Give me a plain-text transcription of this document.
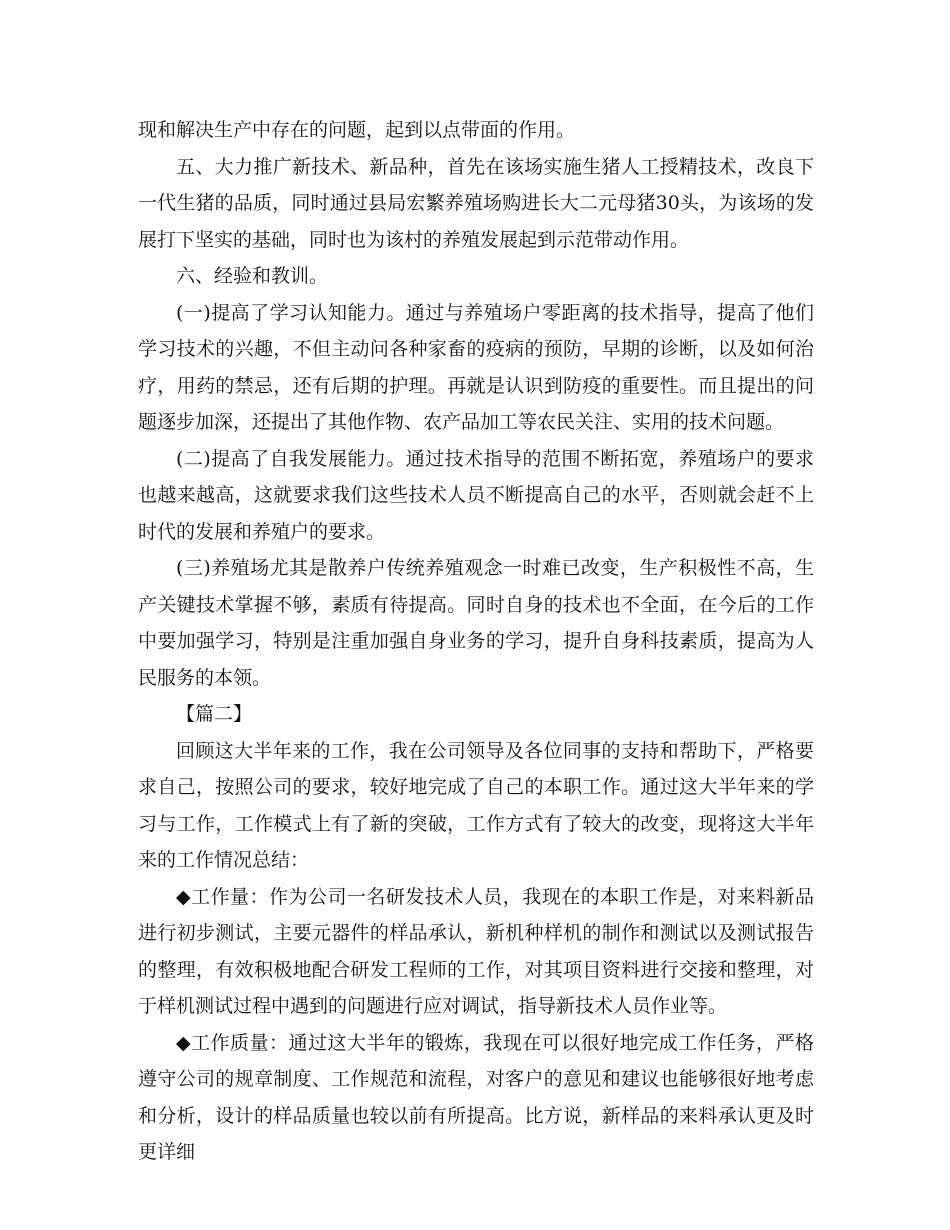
现和解决生产中存在的问题，起到以点带面的作用。

五、大力推广新技术、新品种，首先在该场实施生猪人工授精技术，改良下一代生猪的品质，同时通过县局宏繁养殖场购进长大二元母猪30头，为该场的发展打下坚实的基础，同时也为该村的养殖发展起到示范带动作用。

六、经验和教训。

(一)提高了学习认知能力。通过与养殖场户零距离的技术指导，提高了他们学习技术的兴趣，不但主动问各种家畜的疫病的预防，早期的诊断，以及如何治疗，用药的禁忌，还有后期的护理。再就是认识到防疫的重要性。而且提出的问题逐步加深，还提出了其他作物、农产品加工等农民关注、实用的技术问题。

(二)提高了自我发展能力。通过技术指导的范围不断拓宽，养殖场户的要求也越来越高，这就要求我们这些技术人员不断提高自己的水平，否则就会赶不上时代的发展和养殖户的要求。

(三)养殖场尤其是散养户传统养殖观念一时难已改变，生产积极性不高，生产关键技术掌握不够，素质有待提高。同时自身的技术也不全面，在今后的工作中要加强学习，特别是注重加强自身业务的学习，提升自身科技素质，提高为人民服务的本领。

【篇二】

回顾这大半年来的工作，我在公司领导及各位同事的支持和帮助下，严格要求自己，按照公司的要求，较好地完成了自己的本职工作。通过这大半年来的学习与工作，工作模式上有了新的突破，工作方式有了较大的改变，现将这大半年来的工作情况总结：

◆工作量：作为公司一名研发技术人员，我现在的本职工作是，对来料新品进行初步测试，主要元器件的样品承认，新机种样机的制作和测试以及测试报告的整理，有效积极地配合研发工程师的工作，对其项目资料进行交接和整理，对于样机测试过程中遇到的问题进行应对调试，指导新技术人员作业等。

◆工作质量：通过这大半年的锻炼，我现在可以很好地完成工作任务，严格遵守公司的规章制度、工作规范和流程，对客户的意见和建议也能够很好地考虑和分析，设计的样品质量也较以前有所提高。比方说，新样品的来料承认更及时更详细
